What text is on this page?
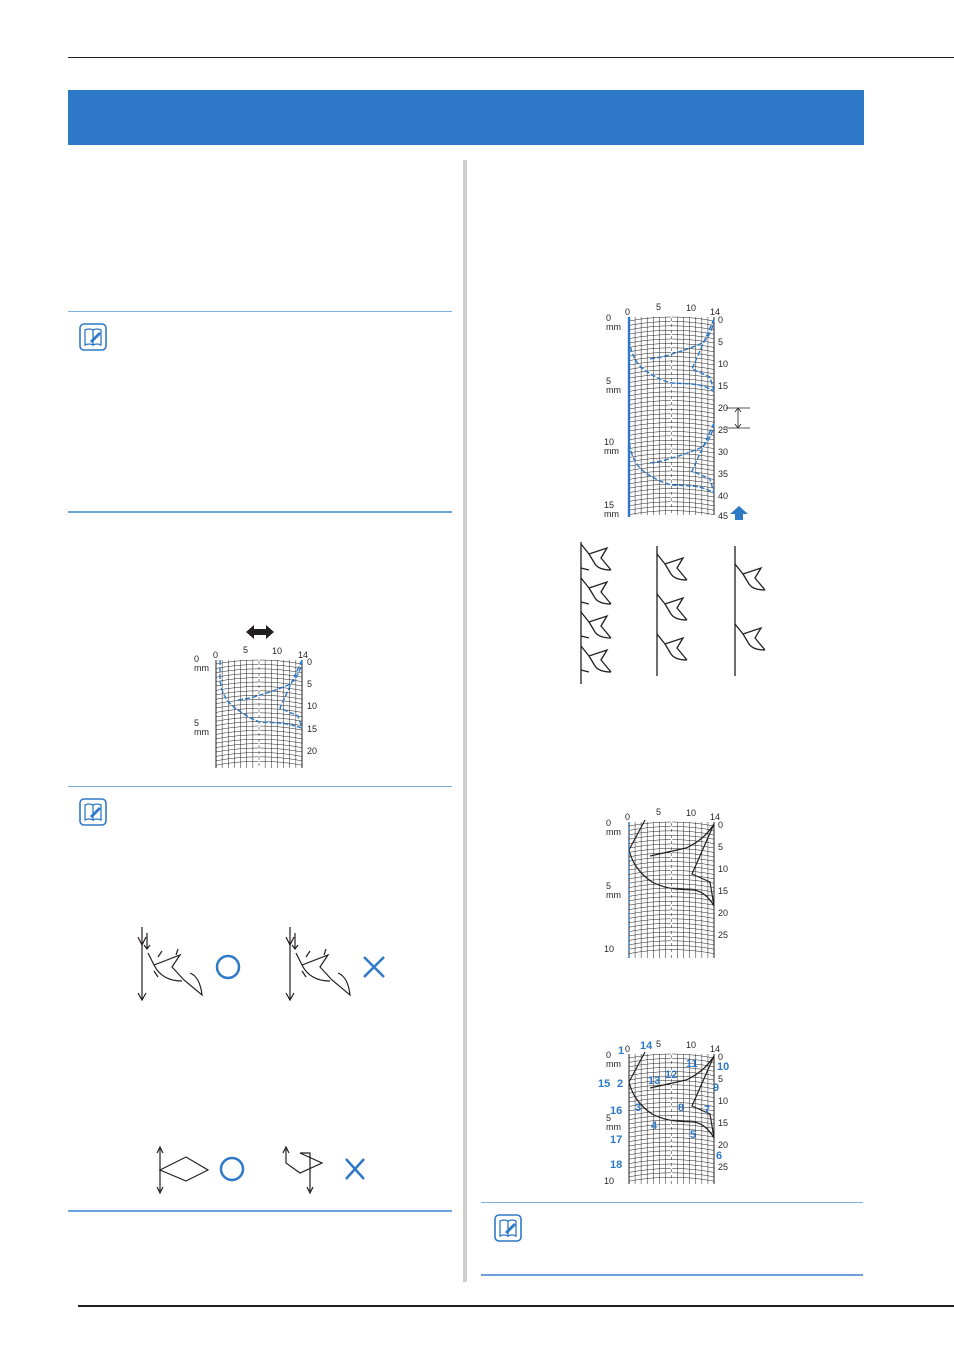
0	5	10 14
0
5
10
15
20
0 mm
5 mm
0	5	10 14
0
5
10
15
20
25
30
35
40
45
0 mm
5 mm
10 mm
15 mm
0	5	10 14
0
5
10
15
20
25
0 mm
5 mm
10
0	5	10 14
0
5
10
15
20
25
0 mm
5 mm
10
1
2
3
4
5
6
7
8
9
10
11
12
13
14
15
16
17
18
